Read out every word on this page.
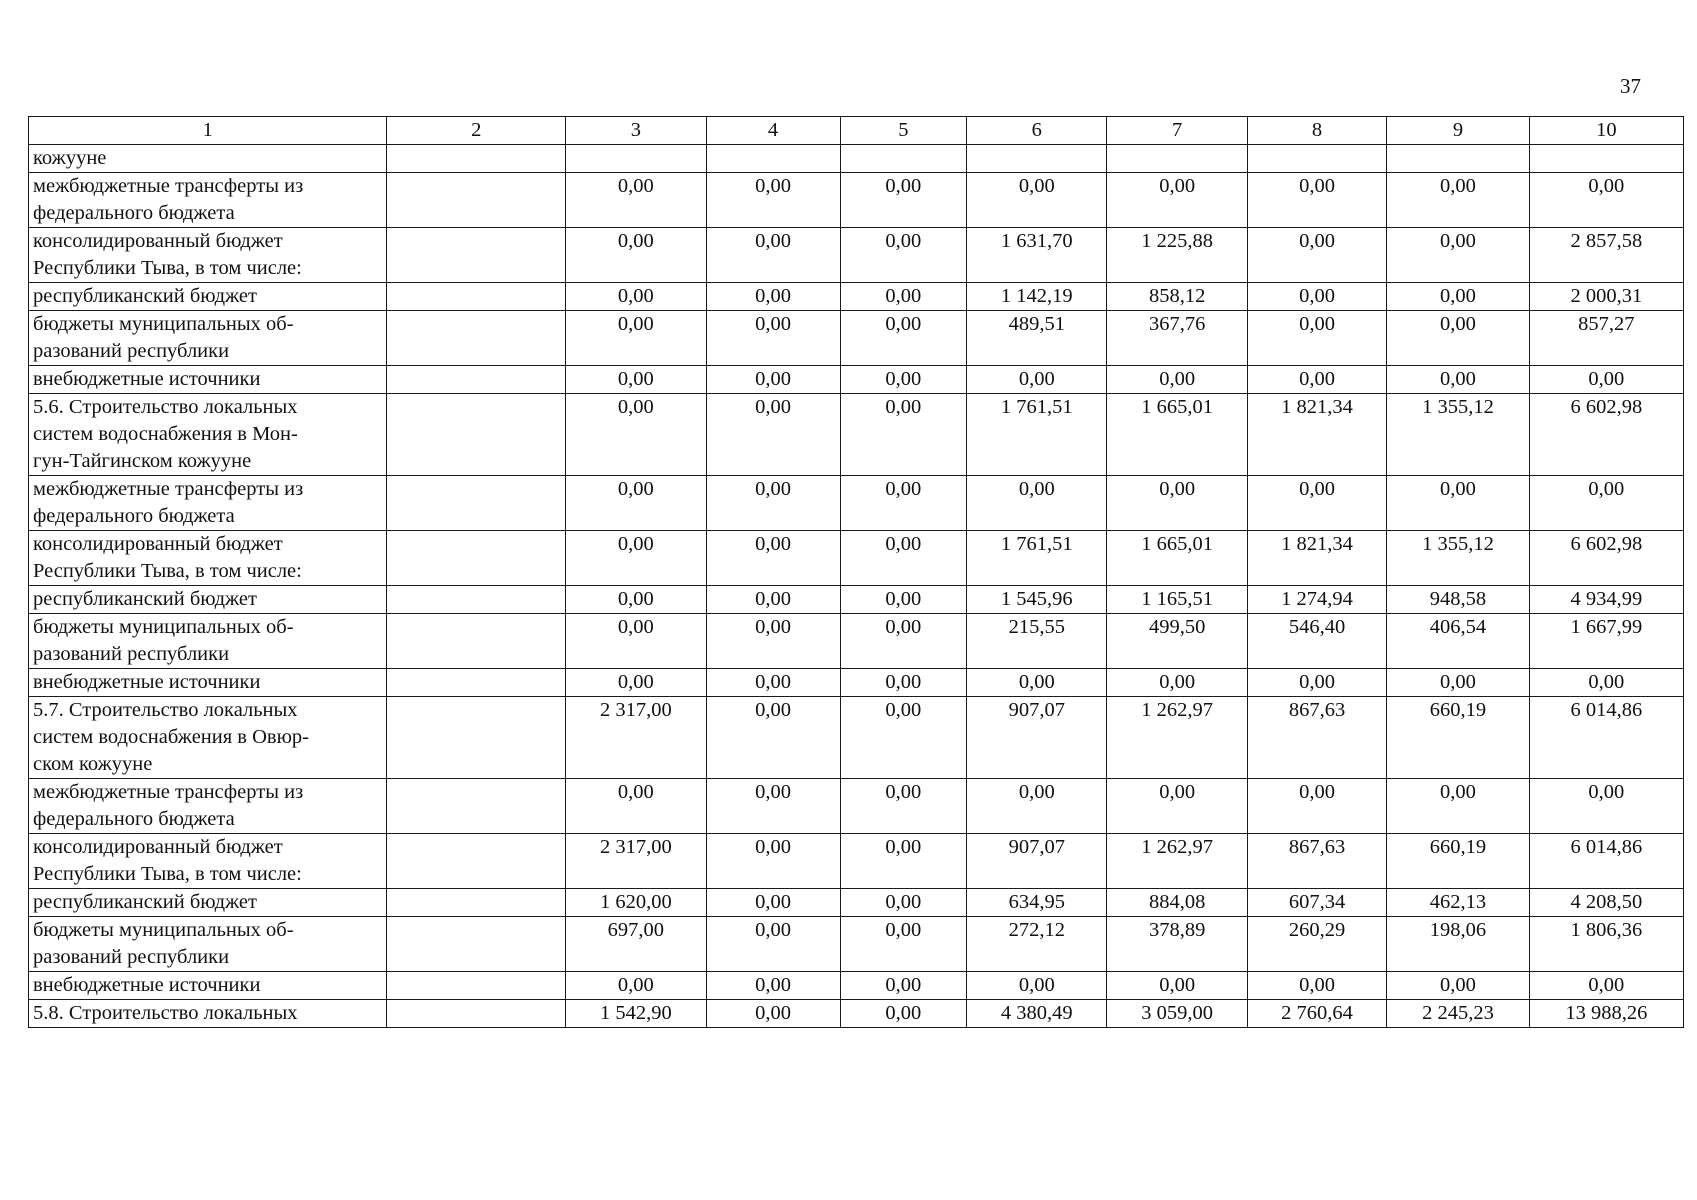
37
1	2	3	4	5	6	7	8	9	10
кожууне									
межбюджетные трансферты из
федерального бюджета		0,00	0,00	0,00	0,00	0,00	0,00	0,00	0,00
консолидированный бюджет
Республики Тыва, в том числе:		0,00	0,00	0,00	1 631,70	1 225,88	0,00	0,00	2 857,58
республиканский бюджет		0,00	0,00	0,00	1 142,19	858,12	0,00	0,00	2 000,31
бюджеты муниципальных об-
разований республики		0,00	0,00	0,00	489,51	367,76	0,00	0,00	857,27
внебюджетные источники		0,00	0,00	0,00	0,00	0,00	0,00	0,00	0,00
5.6. Строительство локальных
систем водоснабжения в Мон-
гун-Тайгинском кожууне		0,00	0,00	0,00	1 761,51	1 665,01	1 821,34	1 355,12	6 602,98
межбюджетные трансферты из
федерального бюджета		0,00	0,00	0,00	0,00	0,00	0,00	0,00	0,00
консолидированный бюджет
Республики Тыва, в том числе:		0,00	0,00	0,00	1 761,51	1 665,01	1 821,34	1 355,12	6 602,98
республиканский бюджет		0,00	0,00	0,00	1 545,96	1 165,51	1 274,94	948,58	4 934,99
бюджеты муниципальных об-
разований республики		0,00	0,00	0,00	215,55	499,50	546,40	406,54	1 667,99
внебюджетные источники		0,00	0,00	0,00	0,00	0,00	0,00	0,00	0,00
5.7. Строительство локальных
систем водоснабжения в Овюр-
ском кожууне		2 317,00	0,00	0,00	907,07	1 262,97	867,63	660,19	6 014,86
межбюджетные трансферты из
федерального бюджета		0,00	0,00	0,00	0,00	0,00	0,00	0,00	0,00
консолидированный бюджет
Республики Тыва, в том числе:		2 317,00	0,00	0,00	907,07	1 262,97	867,63	660,19	6 014,86
республиканский бюджет		1 620,00	0,00	0,00	634,95	884,08	607,34	462,13	4 208,50
бюджеты муниципальных об-
разований республики		697,00	0,00	0,00	272,12	378,89	260,29	198,06	1 806,36
внебюджетные источники		0,00	0,00	0,00	0,00	0,00	0,00	0,00	0,00
5.8. Строительство локальных		1 542,90	0,00	0,00	4 380,49	3 059,00	2 760,64	2 245,23	13 988,26
